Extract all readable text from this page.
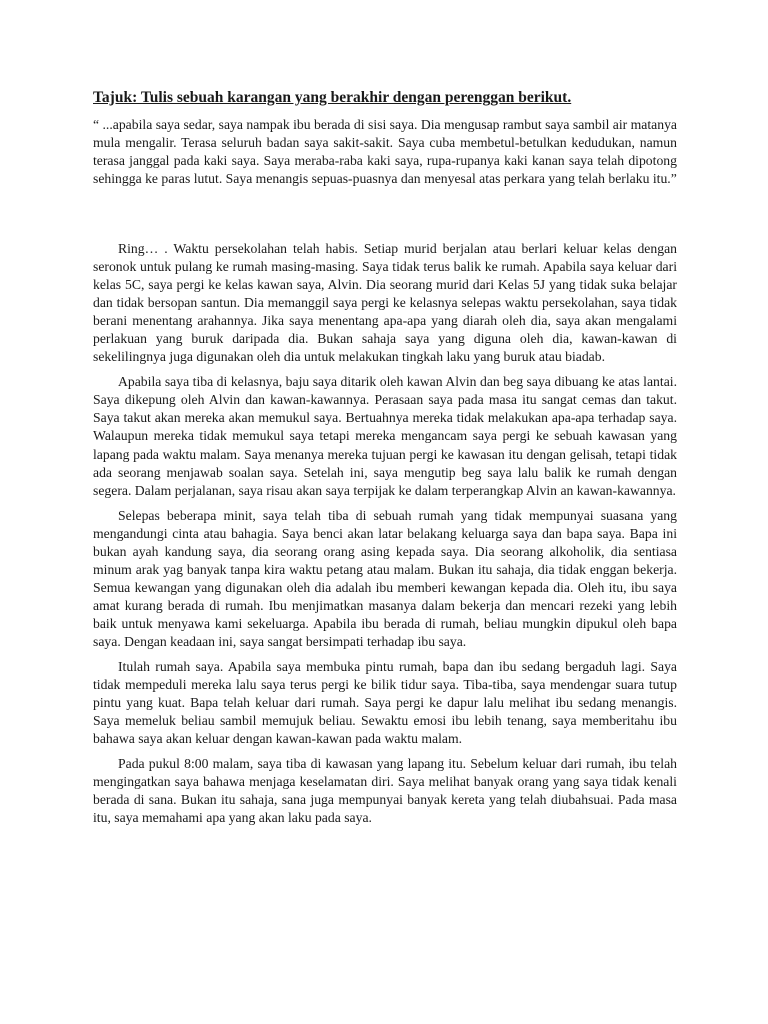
Tajuk: Tulis sebuah karangan yang berakhir dengan perenggan berikut.
“ ...apabila saya sedar, saya nampak ibu berada di sisi saya. Dia mengusap rambut saya sambil air matanya mula mengalir. Terasa seluruh badan saya sakit-sakit. Saya cuba membetul-betulkan kedudukan, namun terasa janggal pada kaki saya. Saya meraba-raba kaki saya, rupa-rupanya kaki kanan saya telah dipotong sehingga ke paras lutut. Saya menangis sepuas-puasnya dan menyesal atas perkara yang telah berlaku itu.”

Ring… . Waktu persekolahan telah habis. Setiap murid berjalan atau berlari keluar kelas dengan seronok untuk pulang ke rumah masing-masing. Saya tidak terus balik ke rumah. Apabila saya keluar dari kelas 5C, saya pergi ke kelas kawan saya, Alvin. Dia seorang murid dari Kelas 5J yang tidak suka belajar dan tidak bersopan santun. Dia memanggil saya pergi ke kelasnya selepas waktu persekolahan, saya tidak berani menentang arahannya. Jika saya menentang apa-apa yang diarah oleh dia, saya akan mengalami perlakuan yang buruk daripada dia. Bukan sahaja saya yang diguna oleh dia, kawan-kawan di sekelilingnya juga digunakan oleh dia untuk melakukan tingkah laku yang buruk atau biadab.

Apabila saya tiba di kelasnya, baju saya ditarik oleh kawan Alvin dan beg saya dibuang ke atas lantai. Saya dikepung oleh Alvin dan kawan-kawannya. Perasaan saya pada masa itu sangat cemas dan takut. Saya takut akan mereka akan memukul saya. Bertuahnya mereka tidak melakukan apa-apa terhadap saya. Walaupun mereka tidak memukul saya tetapi mereka mengancam saya pergi ke sebuah kawasan yang lapang pada waktu malam. Saya menanya mereka tujuan pergi ke kawasan itu dengan gelisah, tetapi tidak ada seorang menjawab soalan saya. Setelah ini, saya mengutip beg saya lalu balik ke rumah dengan segera. Dalam perjalanan, saya risau akan saya terpijak ke dalam terperangkap Alvin an kawan-kawannya.

Selepas beberapa minit, saya telah tiba di sebuah rumah yang tidak mempunyai suasana yang mengandungi cinta atau bahagia. Saya benci akan latar belakang keluarga saya dan bapa saya. Bapa ini bukan ayah kandung saya, dia seorang orang asing kepada saya. Dia seorang alkoholik, dia sentiasa minum arak yag banyak tanpa kira waktu petang atau malam. Bukan itu sahaja, dia tidak enggan bekerja. Semua kewangan yang digunakan oleh dia adalah ibu memberi kewangan kepada dia. Oleh itu, ibu saya amat kurang berada di rumah. Ibu menjimatkan masanya dalam bekerja dan mencari rezeki yang lebih baik untuk menyawa kami sekeluarga. Apabila ibu berada di rumah, beliau mungkin dipukul oleh bapa saya. Dengan keadaan ini, saya sangat bersimpati terhadap ibu saya.

Itulah rumah saya. Apabila saya membuka pintu rumah, bapa dan ibu sedang bergaduh lagi. Saya tidak mempeduli mereka lalu saya terus pergi ke bilik tidur saya. Tiba-tiba, saya mendengar suara tutup pintu yang kuat. Bapa telah keluar dari rumah. Saya pergi ke dapur lalu melihat ibu sedang menangis. Saya memeluk beliau sambil memujuk beliau. Sewaktu emosi ibu lebih tenang, saya memberitahu ibu bahawa saya akan keluar dengan kawan-kawan pada waktu malam.

Pada pukul 8:00 malam, saya tiba di kawasan yang lapang itu. Sebelum keluar dari rumah, ibu telah mengingatkan saya bahawa menjaga keselamatan diri. Saya melihat banyak orang yang saya tidak kenali berada di sana. Bukan itu sahaja, sana juga mempunyai banyak kereta yang telah diubahsuai. Pada masa itu, saya memahami apa yang akan laku pada saya.
